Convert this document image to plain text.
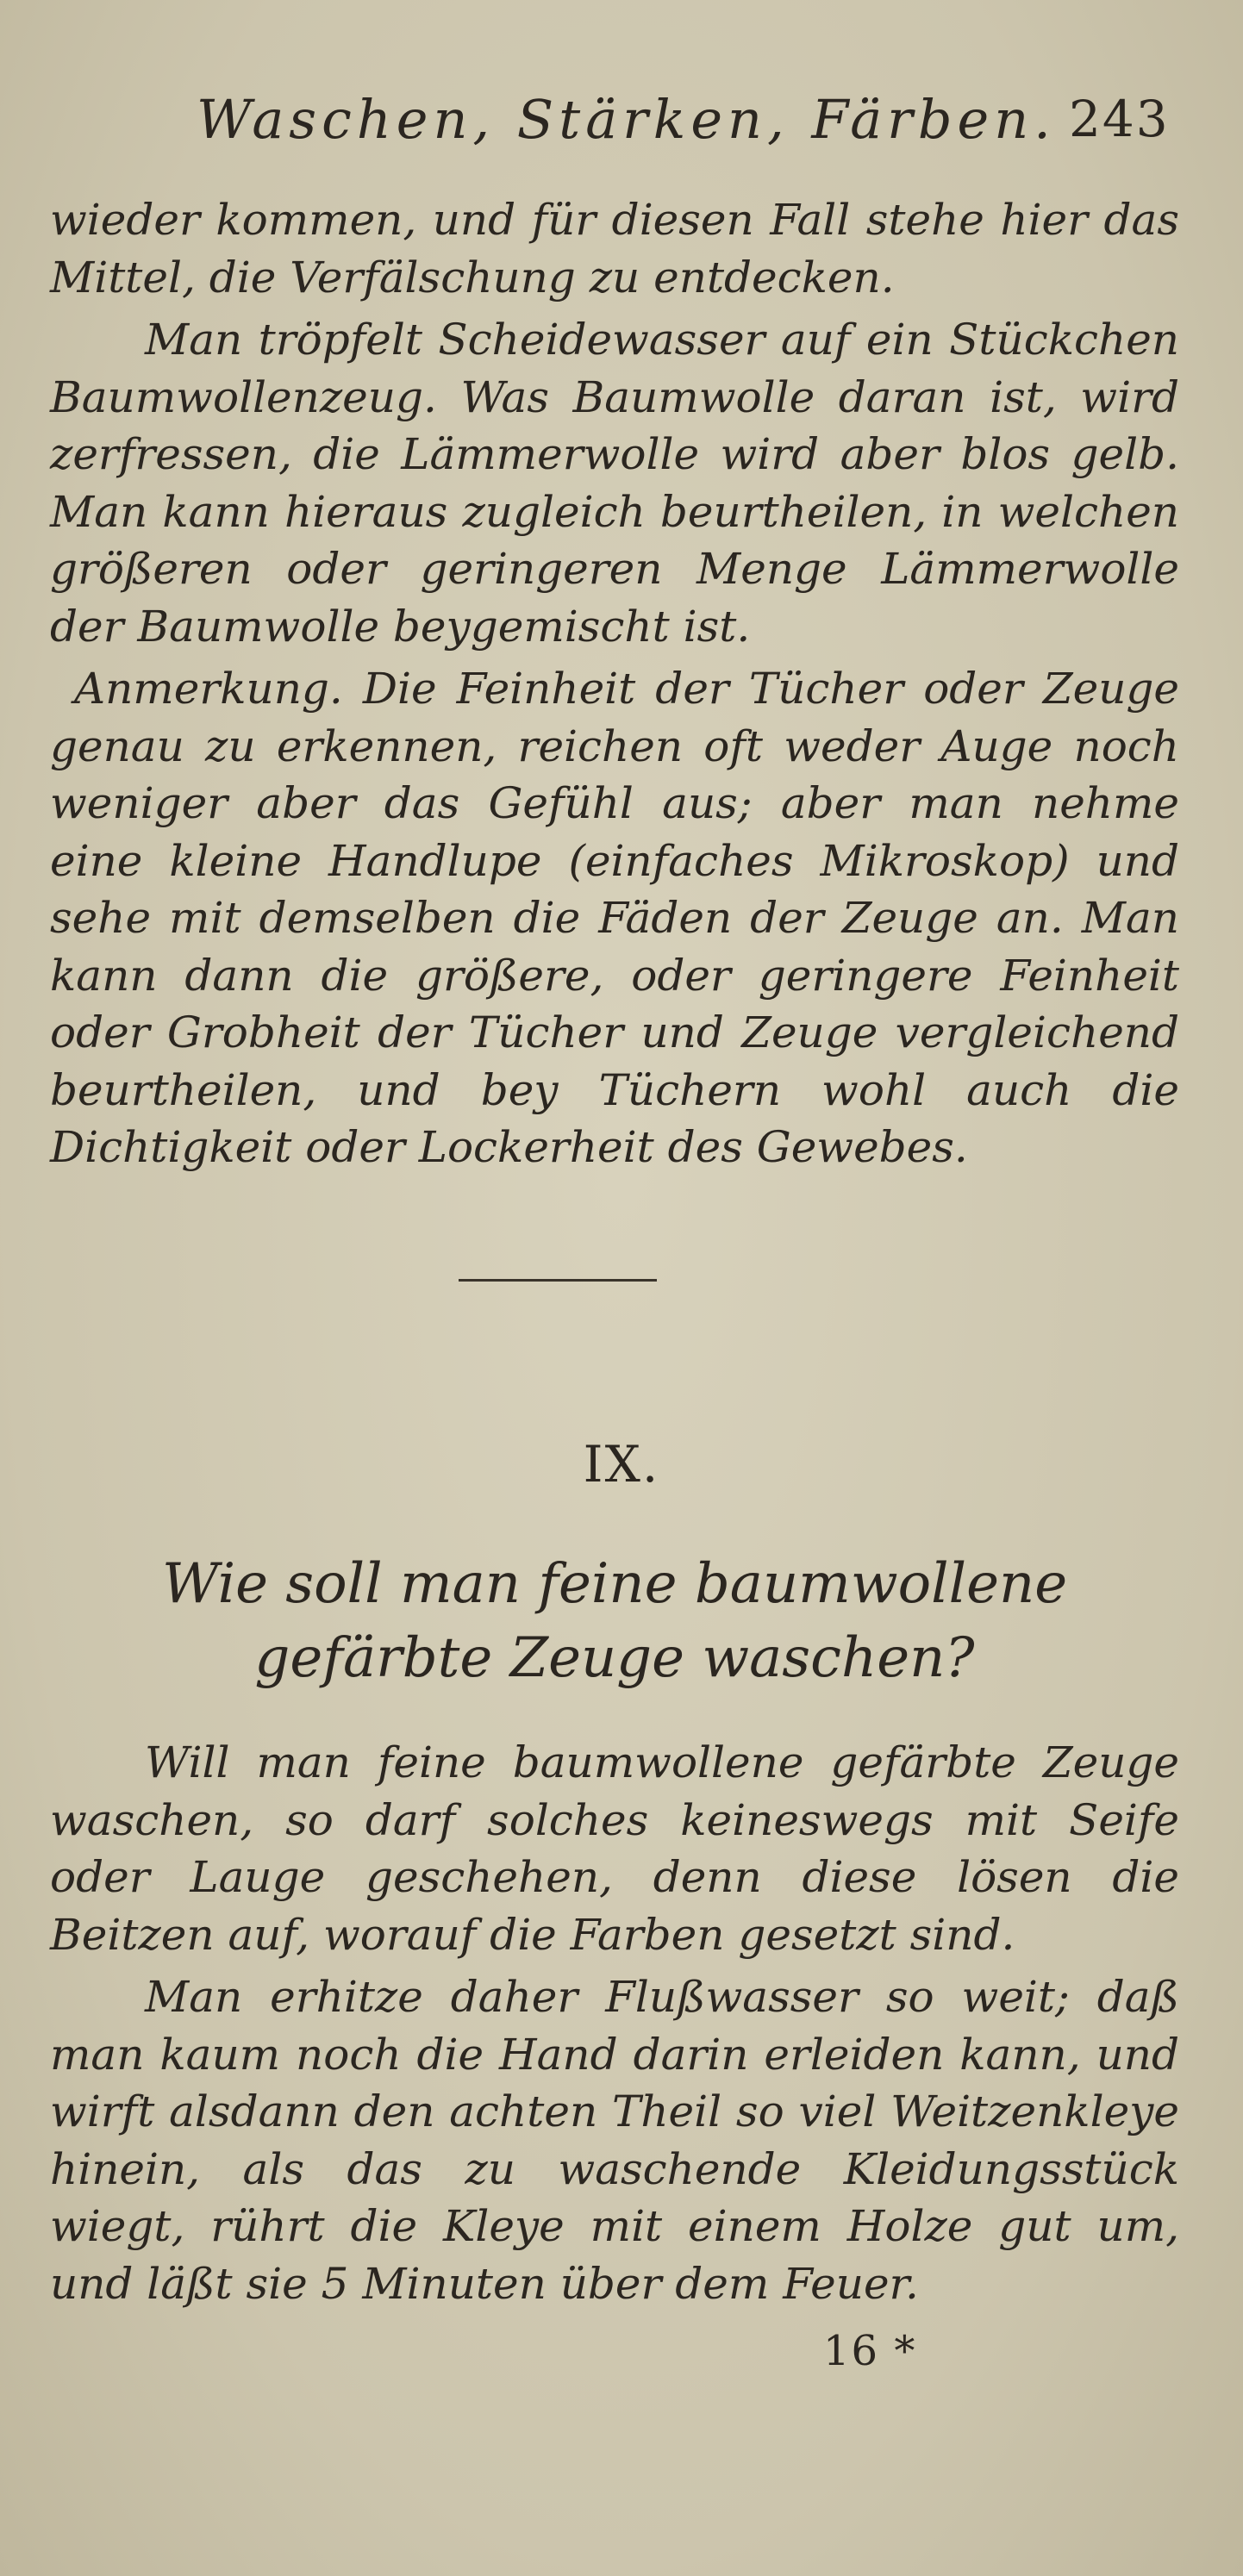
Waschen, Stärken, Färben. 243

wieder kommen, und für diesen Fall stehe hier das Mittel, die Verfälschung zu entdecken.

Man tröpfelt Scheidewasser auf ein Stückchen Baumwollenzeug. Was Baumwolle daran ist, wird zerfressen, die Lämmerwolle wird aber blos gelb. Man kann hieraus zugleich beurtheilen, in welchen größeren oder geringeren Menge Lämmerwolle der Baumwolle beygemischt ist.

Anmerkung. Die Feinheit der Tücher oder Zeuge genau zu erkennen, reichen oft weder Auge noch weniger aber das Gefühl aus; aber man nehme eine kleine Handlupe (einfaches Mikroskop) und sehe mit demselben die Fäden der Zeuge an. Man kann dann die größere, oder geringere Feinheit oder Grobheit der Tücher und Zeuge vergleichend beurtheilen, und bey Tüchern wohl auch die Dichtigkeit oder Lockerheit des Gewebes.

IX.
Wie soll man feine baumwollene gefärbte Zeuge waschen?

Will man feine baumwollene gefärbte Zeuge waschen, so darf solches keineswegs mit Seife oder Lauge geschehen, denn diese lösen die Beitzen auf, worauf die Farben gesetzt sind.

Man erhitze daher Flußwasser so weit; daß man kaum noch die Hand darin erleiden kann, und wirft alsdann den achten Theil so viel Weitzenkleye hinein, als das zu waschende Kleidungsstück wiegt, rührt die Kleye mit einem Holze gut um, und läßt sie 5 Minuten über dem Feuer.

16 *
